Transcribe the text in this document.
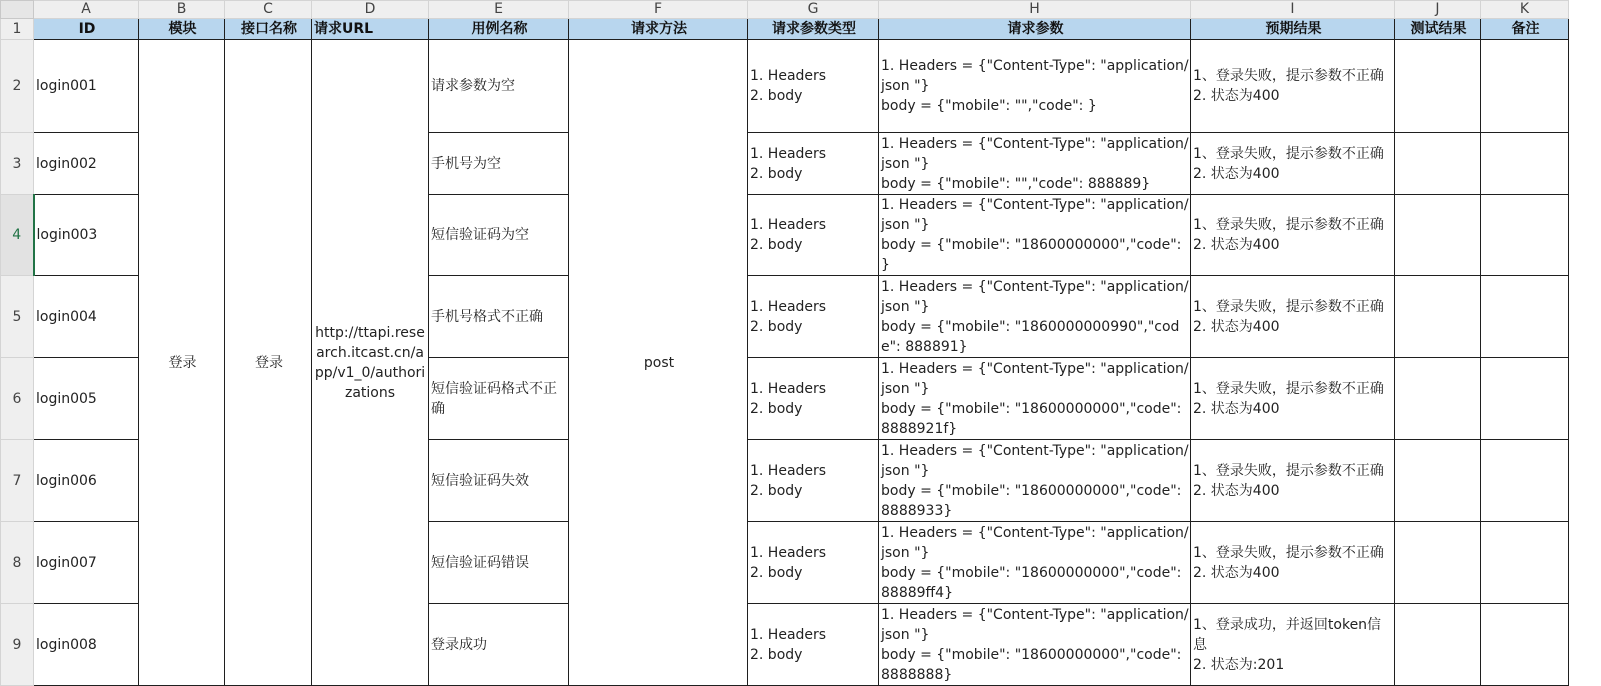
	A	B	C	D	E	F	G	H	I	J	K
1	ID	模块	接口名称	请求URL	用例名称	请求方法	请求参数类型	请求参数	预期结果	测试结果	备注
2	login001	登录	登录	http://ttapi.research.itcast.cn/app/v1_0/authorizations	请求参数为空	post	1. Headers
2. body	1. Headers = {"Content-Type": "application/json "}
body = {"mobile": "","code": }	1、登录失败，提示参数不正确
2. 状态为400		
3	login002				手机号为空		1. Headers
2. body	1. Headers = {"Content-Type": "application/json "}
body = {"mobile": "","code": 888889}	1、登录失败，提示参数不正确
2. 状态为400		
4	login003				短信验证码为空		1. Headers
2. body	1. Headers = {"Content-Type": "application/json "}
body = {"mobile": "18600000000","code": }	1、登录失败，提示参数不正确
2. 状态为400		
5	login004				手机号格式不正确		1. Headers
2. body	1. Headers = {"Content-Type": "application/json "}
body = {"mobile": "1860000000990","code": 888891}	1、登录失败，提示参数不正确
2. 状态为400		
6	login005				短信验证码格式不正确		1. Headers
2. body	1. Headers = {"Content-Type": "application/json "}
body = {"mobile": "18600000000","code": 8888921f}	1、登录失败，提示参数不正确
2. 状态为400		
7	login006				短信验证码失效		1. Headers
2. body	1. Headers = {"Content-Type": "application/json "}
body = {"mobile": "18600000000","code": 8888933}	1、登录失败，提示参数不正确
2. 状态为400		
8	login007				短信验证码错误		1. Headers
2. body	1. Headers = {"Content-Type": "application/json "}
body = {"mobile": "18600000000","code": 88889ff4}	1、登录失败，提示参数不正确
2. 状态为400		
9	login008				登录成功		1. Headers
2. body	1. Headers = {"Content-Type": "application/json "}
body = {"mobile": "18600000000","code": 8888888}	1、登录成功，并返回token信息
2. 状态为:201		
